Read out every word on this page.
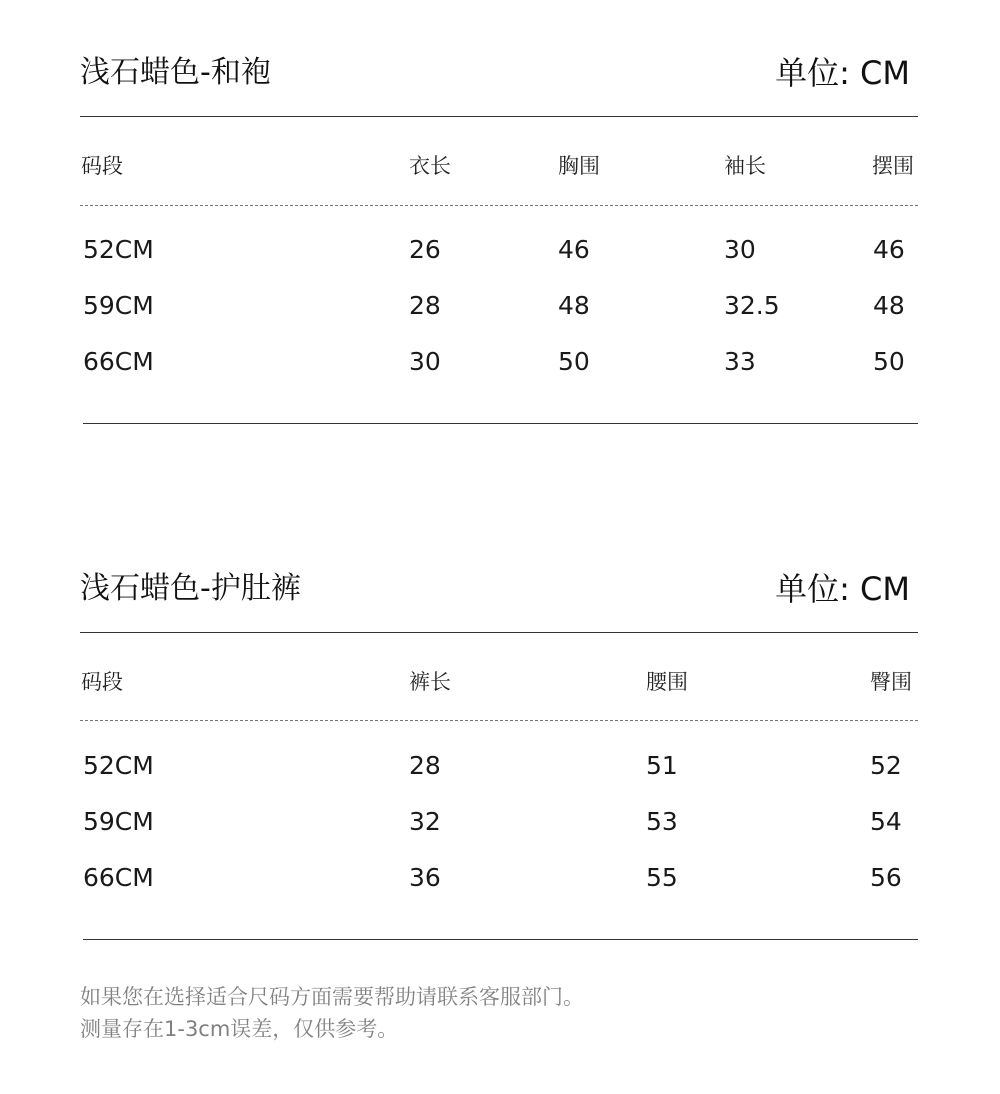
浅石蜡色-和袍	单位: CM
码段	衣长	胸围	袖长	摆围
52CM	26	46	30	46
59CM	28	48	32.5	48
66CM	30	50	33	50
浅石蜡色-护肚裤	单位: CM
码段	裤长	腰围	臀围
52CM	28	51	52
59CM	32	53	54
66CM	36	55	56
如果您在选择适合尺码方面需要帮助请联系客服部门。
测量存在1-3cm误差，仅供参考。
